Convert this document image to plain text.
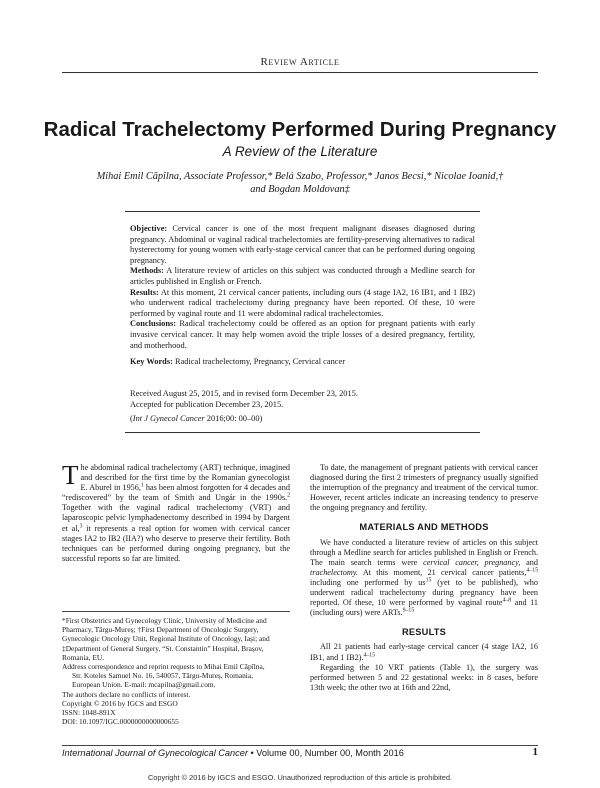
Review Article
Radical Trachelectomy Performed During Pregnancy
A Review of the Literature
Mihai Emil Căpîlna, Associate Professor,* Belá Szabo, Professor,* Janos Becsi,* Nicolae Ioanid,†
and Bogdan Moldovan‡

Objective: Cervical cancer is one of the most frequent malignant diseases diagnosed during pregnancy. Abdominal or vaginal radical trachelectomies are fertility-preserving alternatives to radical hysterectomy for young women with early-stage cervical cancer that can be performed during ongoing pregnancy.

Methods: A literature review of articles on this subject was conducted through a Medline search for articles published in English or French.

Results: At this moment, 21 cervical cancer patients, including ours (4 stage IA2, 16 IB1, and 1 IB2) who underwent radical trachelectomy during pregnancy have been reported. Of these, 10 were performed by vaginal route and 11 were abdominal radical trachelectomies.

Conclusions: Radical trachelectomy could be offered as an option for pregnant patients with early invasive cervical cancer. It may help women avoid the triple losses of a desired pregnancy, fertility, and motherhood.

Key Words: Radical trachelectomy, Pregnancy, Cervical cancer

Received August 25, 2015, and in revised form December 23, 2015.
Accepted for publication December 23, 2015.
(Int J Gynecol Cancer 2016;00: 00–00)

The abdominal radical trachelectomy (ART) technique, imagined and described for the first time by the Romanian gynecologist E. Aburel in 1956,$^1$ has been almost forgotten for 4 decades and “rediscovered” by the team of Smith and Ungár in the 1990s.$^2$ Together with the vaginal radical trachelectomy (VRT) and laparoscopic pelvic lymphadenectomy described in 1994 by Dargent et al,$^3$ it represents a real option for women with cervical cancer stages IA2 to IB2 (IIA?) who deserve to preserve their fertility. Both techniques can be performed during ongoing pregnancy, but the successful reports so far are limited.

*First Obstetrics and Gynecology Clinic, University of Medicine and Pharmacy, Târgu-Mureș; †First Department of Oncologic Surgery, Gynecologic Oncology Unit, Regional Institute of Oncology, Iași; and ‡Department of General Surgery, “St. Constantin” Hospital, Brașov, Romania, EU.

Address correspondence and reprint requests to Mihai Emil Căpîlna,

Str. Koteles Samuel No. 16, 540057, Târgu-Mureș, Romania,

European Union. E-mail: mcapilna@gmail.com.

The authors declare no conflicts of interest.

Copyright © 2016 by IGCS and ESGO

ISSN: 1048-891X

DOI: 10.1097/IGC.0000000000000655

To date, the management of pregnant patients with cervical cancer diagnosed during the first 2 trimesters of pregnancy usually signified the interruption of the pregnancy and treatment of the cervical tumor. However, recent articles indicate an increasing tendency to preserve the ongoing pregnancy and fertility.

MATERIALS AND METHODS

We have conducted a literature review of articles on this subject through a Medline search for articles published in English or French. The main search terms were cervical cancer, pregnancy, and trachelectomy. At this moment, 21 cervical cancer patients,$^{4-15}$ including one performed by $us^{15}$ (yet to be published), who underwent radical trachelectomy during pregnancy have been reported. Of these, 10 were performed by vaginal route$^{4-8}$ and 11 (including ours) were ARTs.$^{9-15}$

RESULTS

All 21 patients had early-stage cervical cancer (4 stage IA2, 16 IB1, and 1 IB2).$^{4-15}$

Regarding the 10 VRT patients (Table 1), the surgery was performed between 5 and 22 gestational weeks: in 8 cases, before 13th week; the other two at 16th and 22nd,

International Journal of Gynecological Cancer • Volume 00, Number 00, Month 2016	1
Copyright © 2016 by IGCS and ESGO. Unauthorized reproduction of this article is prohibited.
